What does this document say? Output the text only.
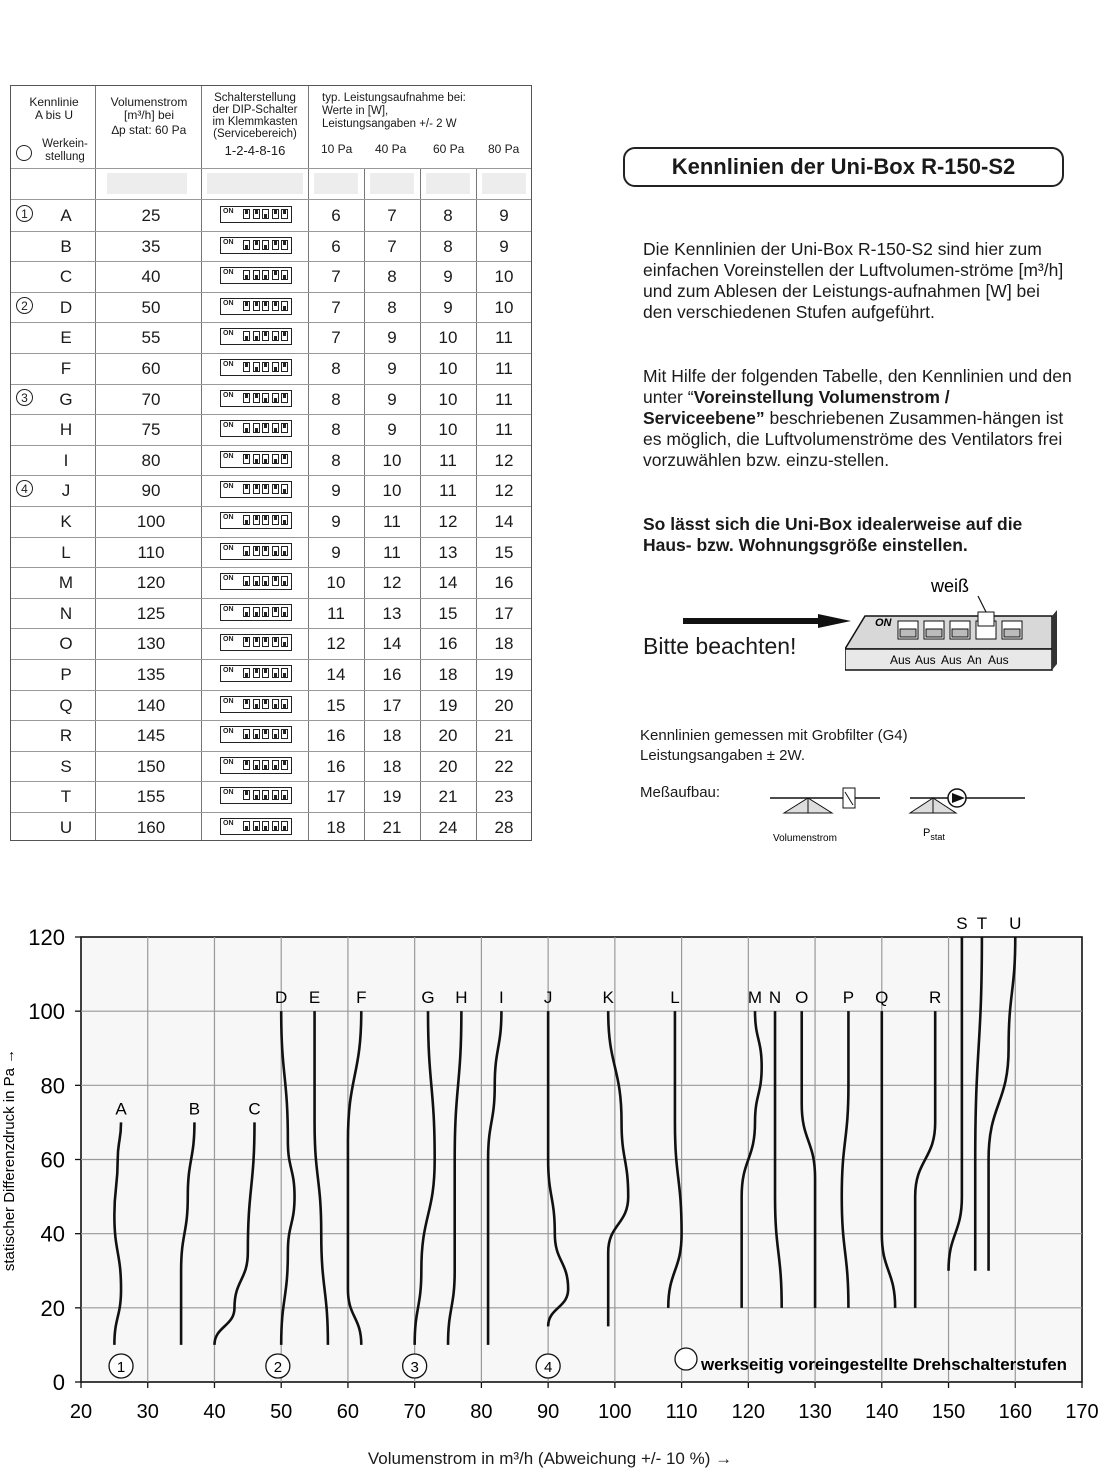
Kennlinie
A bis U
Werkein-
stellung
Volumenstrom
[m³/h] bei
∆p stat: 60 Pa
Schalterstellung
der DIP-Schalter
im Klemmkasten
(Servicebereich)
1-2-4-8-16
typ. Leistungsaufnahme bei:
Werte in [W],
Leistungsangaben +/- 2 W
10 Pa 40 Pa 60 Pa 80 Pa
1	A	25	ON	6	7	8	9
B	35	ON	6	7	8	9
C	40	ON	7	8	9	10
2	D	50	ON	7	8	9	10
E	55	ON	7	9	10	11
F	60	ON	8	9	10	11
3	G	70	ON	8	9	10	11
H	75	ON	8	9	10	11
I	80	ON	8	10	11	12
4	J	90	ON	9	10	11	12
K	100	ON	9	11	12	14
L	110	ON	9	11	13	15
M	120	ON	10	12	14	16
N	125	ON	11	13	15	17
O	130	ON	12	14	16	18
P	135	ON	14	16	18	19
Q	140	ON	15	17	19	20
R	145	ON	16	18	20	21
S	150	ON	16	18	20	22
T	155	ON	17	19	21	23
U	160	ON	18	21	24	28
Kennlinien der Uni-Box R-150-S2
Die Kennlinien der Uni-Box R-150-S2 sind hier zum einfachen Voreinstellen der Luftvolumen-ströme [m³/h] und zum Ablesen der Leistungs-aufnahmen [W] bei den verschiedenen Stufen aufgeführt.
Mit Hilfe der folgenden Tabelle, den Kennlinien und den unter “Voreinstellung Volumenstrom / Serviceebene” beschriebenen Zusammen-hängen ist es möglich, die Luftvolumenströme des Ventilators frei vorzuwählen bzw. einzu-stellen.
So lässt sich die Uni-Box idealerweise auf die Haus- bzw. Wohnungsgröße einstellen.
Bitte beachten!
ON
weiß
Aus Aus Aus An Aus
Kennlinien gemessen mit Grobfilter (G4)
Leistungsangaben ± 2W.
Meßaufbau:
Volumenstrom	$P_{stat}$
20 30 40 50 60 70 80 90 100 110 120 130 140 150 160 170
0
20
40
60
80
100
120
statischer Differenzdruck in Pa →	A	B	C
D E F	G H I J	K	L	M N O P Q R
S T U
1	2	3	4	werkseitig voreingestellte Drehschalterstufen
Volumenstrom in m³/h (Abweichung +/- 10 %) →
